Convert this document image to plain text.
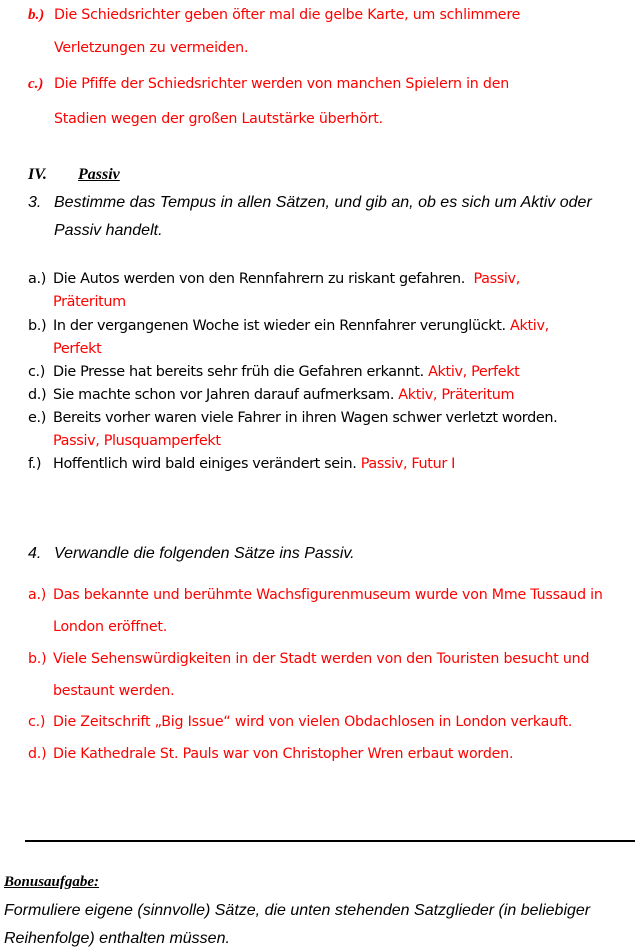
b.) Die Schiedsrichter geben öfter mal die gelbe Karte, um schlimmere
Verletzungen zu vermeiden.
c.) Die Pfiffe der Schiedsrichter werden von manchen Spielern in den
Stadien wegen der großen Lautstärke überhört.
IV. Passiv
3. Bestimme das Tempus in allen Sätzen, und gib an, ob es sich um Aktiv oder
Passiv handelt.
a.) Die Autos werden von den Rennfahrern zu riskant gefahren. Passiv,
Präteritum
b.) In der vergangenen Woche ist wieder ein Rennfahrer verunglückt. Aktiv,
Perfekt
c.) Die Presse hat bereits sehr früh die Gefahren erkannt. Aktiv, Perfekt
d.) Sie machte schon vor Jahren darauf aufmerksam. Aktiv, Präteritum
e.) Bereits vorher waren viele Fahrer in ihren Wagen schwer verletzt worden.
Passiv, Plusquamperfekt
f.) Hoffentlich wird bald einiges verändert sein. Passiv, Futur I
4. Verwandle die folgenden Sätze ins Passiv.
a.) Das bekannte und berühmte Wachsfigurenmuseum wurde von Mme Tussaud in
London eröffnet.
b.) Viele Sehenswürdigkeiten in der Stadt werden von den Touristen besucht und
bestaunt werden.
c.) Die Zeitschrift „Big Issue“ wird von vielen Obdachlosen in London verkauft.
d.) Die Kathedrale St. Pauls war von Christopher Wren erbaut worden.
Bonusaufgabe:
Formuliere eigene (sinnvolle) Sätze, die unten stehenden Satzglieder (in beliebiger
Reihenfolge) enthalten müssen.
